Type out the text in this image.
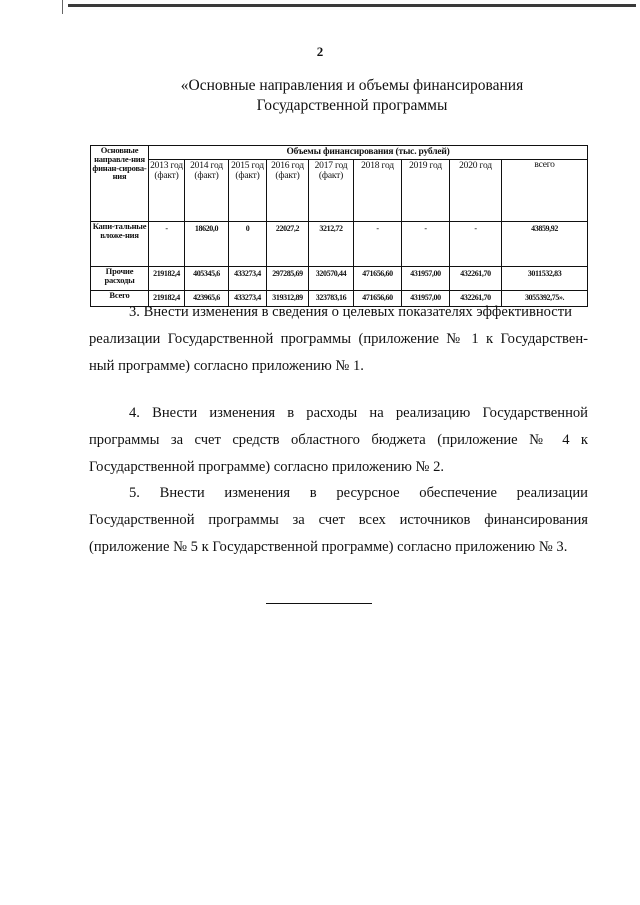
2
«Основные направления и объемы финансирования
Государственной программы
Основные направле-ния финан-сирова-ния	Объемы финансирования (тыс. рублей)								
	2013 год (факт)	2014 год (факт)	2015 год (факт)	2016 год (факт)	2017 год (факт)	2018 год	2019 год	2020 год	всего
Капи-тальные вложе-ния	-	18620,0	0	22027,2	3212,72	-	-	-	43859,92
Прочие расходы	219182,4	405345,6	433273,4	297285,69	320570,44	471656,60	431957,00	432261,70	3011532,83
Всего	219182,4	423965,6	433273,4	319312,89	323783,16	471656,60	431957,00	432261,70	3055392,75».
3. Внести изменения в сведения о целевых показателях эффективности
реализации Государственной программы (приложение № 1 к Государствен-
ный программе) согласно приложению № 1.
4. Внести изменения в расходы на реализацию Государственной
программы за счет средств областного бюджета (приложение № 4 к
Государственной программе) согласно приложению № 2.
5. Внести изменения в ресурсное обеспечение реализации
Государственной программы за счет всех источников финансирования
(приложение № 5 к Государственной программе) согласно приложению № 3.
